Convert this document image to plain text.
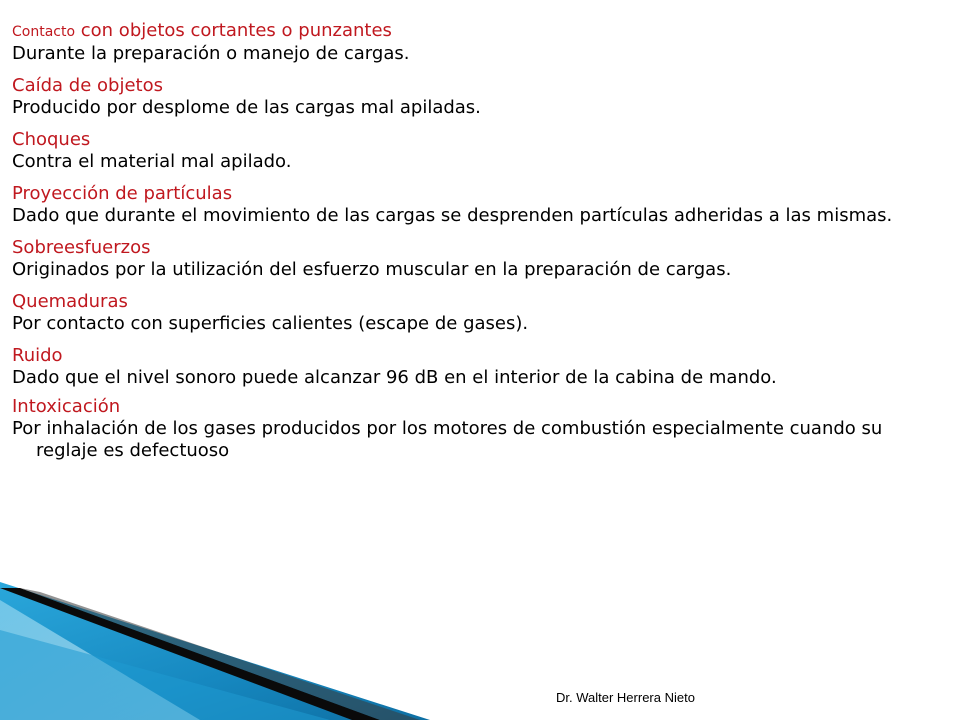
Contacto con objetos cortantes o punzantes
Durante la preparación o manejo de cargas.
Caída de objetos
Producido por desplome de las cargas mal apiladas.
Choques
Contra el material mal apilado.
Proyección de partículas
Dado que durante el movimiento de las cargas se desprenden partículas adheridas a las mismas.
Sobreesfuerzos
Originados por la utilización del esfuerzo muscular en la preparación de cargas.
Quemaduras
Por contacto con superficies calientes (escape de gases).
Ruido
Dado que el nivel sonoro puede alcanzar 96 dB en el interior de la cabina de mando.
Intoxicación
Por inhalación de los gases producidos por los motores de combustión especialmente cuando su reglaje es defectuoso
Dr. Walter Herrera Nieto
